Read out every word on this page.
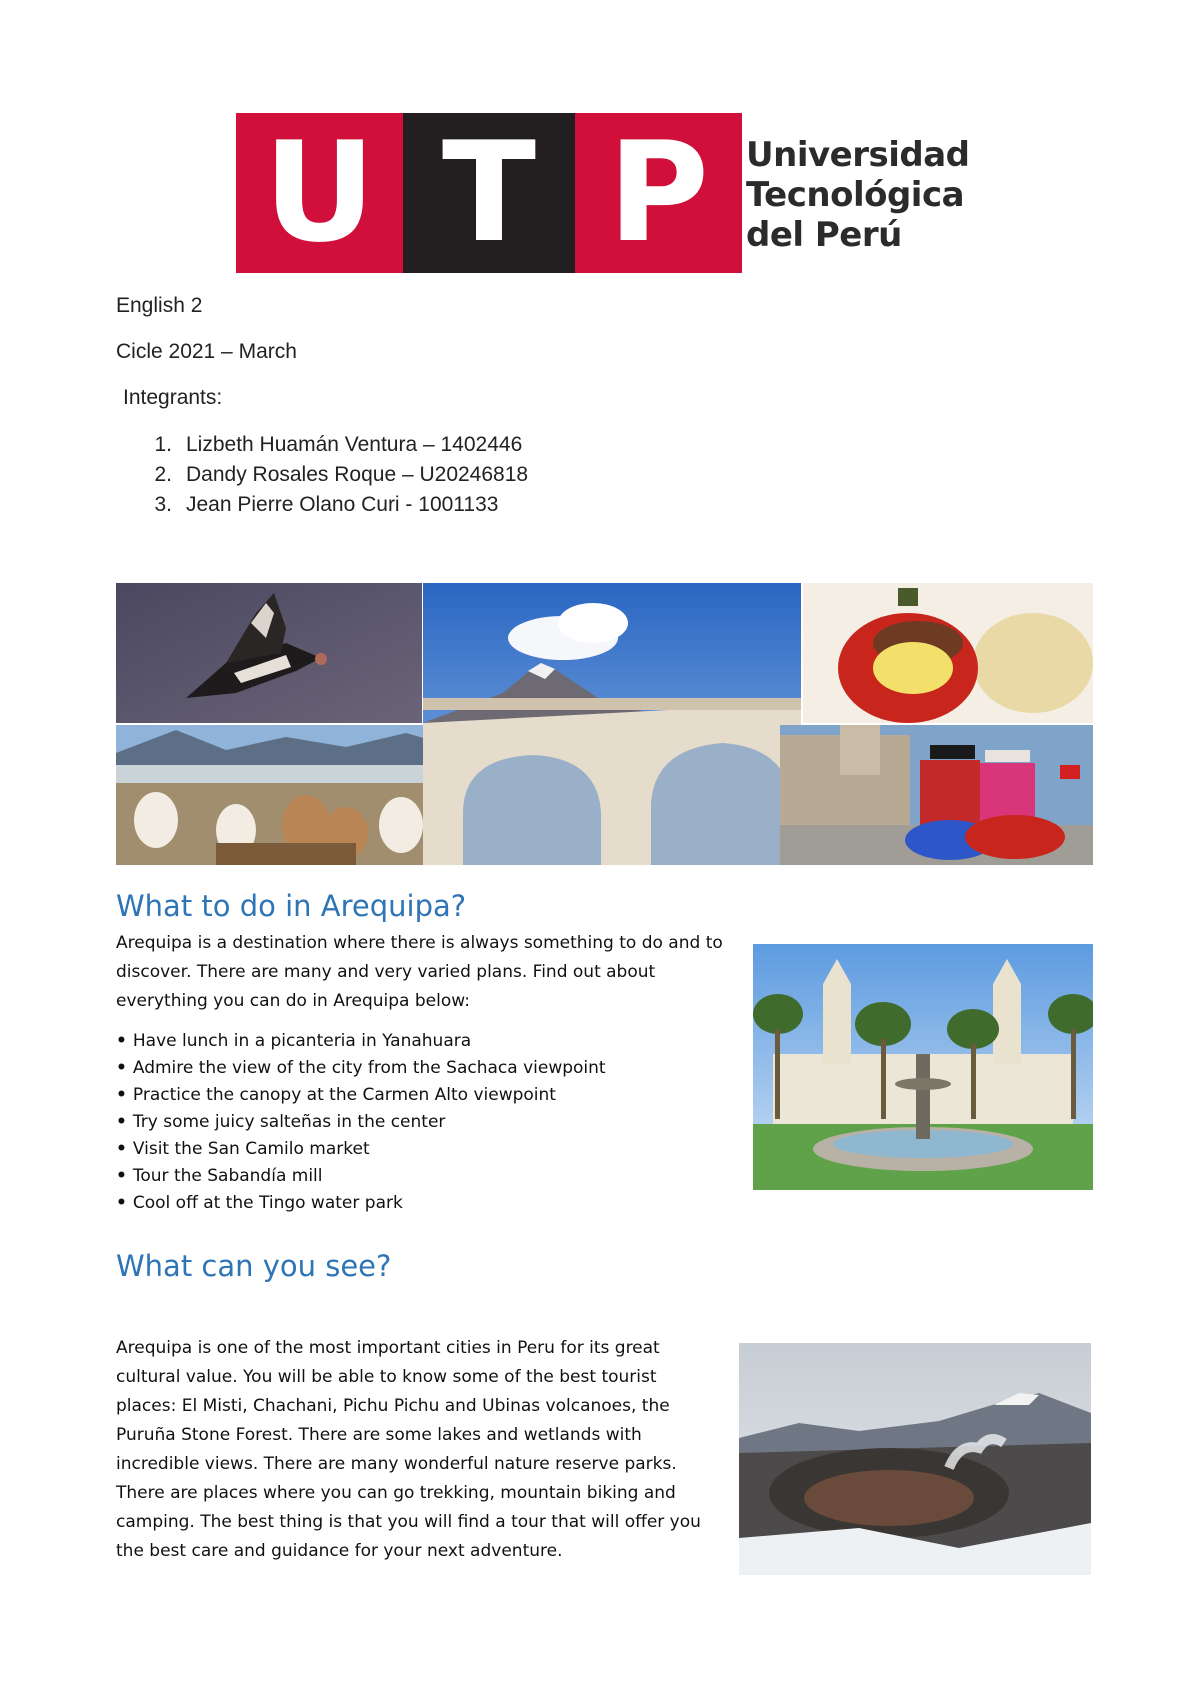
U T P	Universidad
Tecnológica
del Perú
English 2
Cicle 2021 – March
Integrants:
1. Lizbeth Huamán Ventura – 1402446
2. Dandy Rosales Roque – U20246818
3. Jean Pierre Olano Curi - 1001133
What to do in Arequipa?
Arequipa is a destination where there is always something to do and to discover. There are many and very varied plans. Find out about everything you can do in Arequipa below:
• Have lunch in a picanteria in Yanahuara
• Admire the view of the city from the Sachaca viewpoint
• Practice the canopy at the Carmen Alto viewpoint
• Try some juicy salteñas in the center
• Visit the San Camilo market
• Tour the Sabandía mill
• Cool off at the Tingo water park
What can you see?
Arequipa is one of the most important cities in Peru for its great cultural value. You will be able to know some of the best tourist places: El Misti, Chachani, Pichu Pichu and Ubinas volcanoes, the Puruña Stone Forest. There are some lakes and wetlands with incredible views. There are many wonderful nature reserve parks. There are places where you can go trekking, mountain biking and camping. The best thing is that you will find a tour that will offer you the best care and guidance for your next adventure.
